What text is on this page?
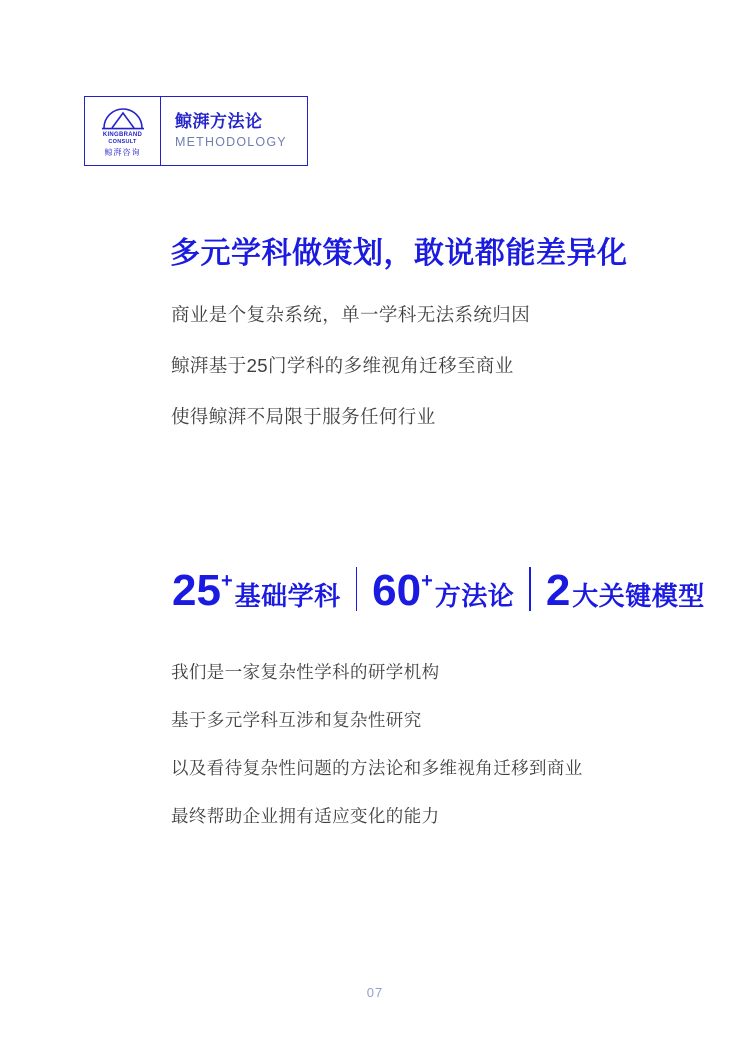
KINGBRAND
CONSULT
鲸湃咨询
鲸湃方法论
METHODOLOGY
多元学科做策划，敢说都能差异化

商业是个复杂系统，单一学科无法系统归因

鲸湃基于25门学科的多维视角迁移至商业

使得鲸湃不局限于服务任何行业

25 + 基础学科 60 + 方法论 2 大关键模型

我们是一家复杂性学科的研学机构

基于多元学科互涉和复杂性研究

以及看待复杂性问题的方法论和多维视角迁移到商业

最终帮助企业拥有适应变化的能力

07
